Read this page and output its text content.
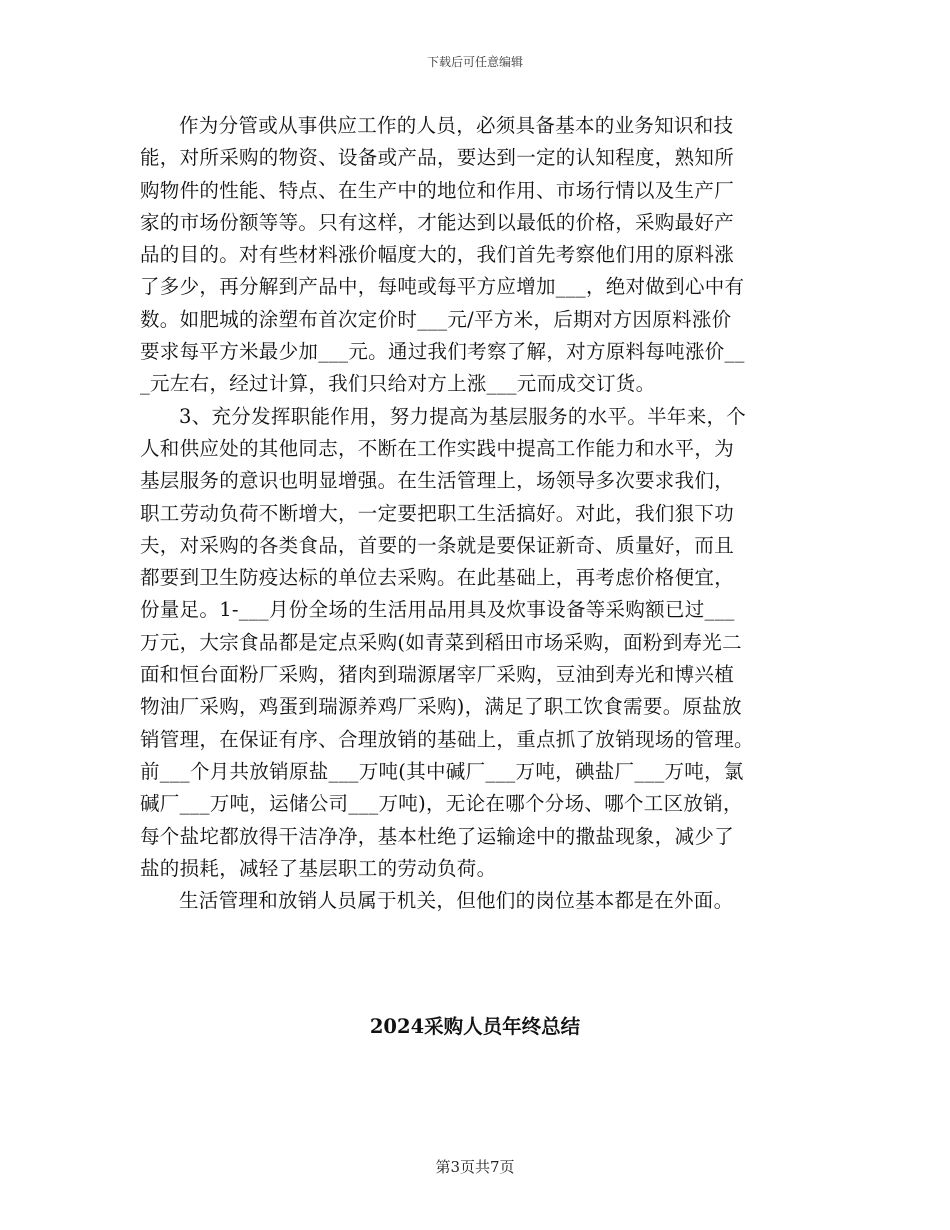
下载后可任意编辑

作为分管或从事供应工作的人员，必须具备基本的业务知识和技
能，对所采购的物资、设备或产品，要达到一定的认知程度，熟知所
购物件的性能、特点、在生产中的地位和作用、市场行情以及生产厂
家的市场份额等等。只有这样，才能达到以最低的价格，采购最好产
品的目的。对有些材料涨价幅度大的，我们首先考察他们用的原料涨
了多少，再分解到产品中，每吨或每平方应增加___，绝对做到心中有
数。如肥城的涂塑布首次定价时___元/平方米，后期对方因原料涨价
要求每平方米最少加___元。通过我们考察了解，对方原料每吨涨价__
_元左右，经过计算，我们只给对方上涨___元而成交订货。

3、充分发挥职能作用，努力提高为基层服务的水平。半年来，个
人和供应处的其他同志，不断在工作实践中提高工作能力和水平，为
基层服务的意识也明显增强。在生活管理上，场领导多次要求我们，
职工劳动负荷不断增大，一定要把职工生活搞好。对此，我们狠下功
夫，对采购的各类食品，首要的一条就是要保证新奇、质量好，而且
都要到卫生防疫达标的单位去采购。在此基础上，再考虑价格便宜，
份量足。1-___月份全场的生活用品用具及炊事设备等采购额已过___
万元，大宗食品都是定点采购(如青菜到稻田市场采购，面粉到寿光二
面和恒台面粉厂采购，猪肉到瑞源屠宰厂采购，豆油到寿光和博兴植
物油厂采购，鸡蛋到瑞源养鸡厂采购)，满足了职工饮食需要。原盐放
销管理，在保证有序、合理放销的基础上，重点抓了放销现场的管理。
前___个月共放销原盐___万吨(其中碱厂___万吨，碘盐厂___万吨，氯
碱厂___万吨，运储公司___万吨)，无论在哪个分场、哪个工区放销，
每个盐坨都放得干洁净净，基本杜绝了运输途中的撒盐现象，减少了
盐的损耗，减轻了基层职工的劳动负荷。

生活管理和放销人员属于机关，但他们的岗位基本都是在外面。

2024采购人员年终总结
第3页共7页
